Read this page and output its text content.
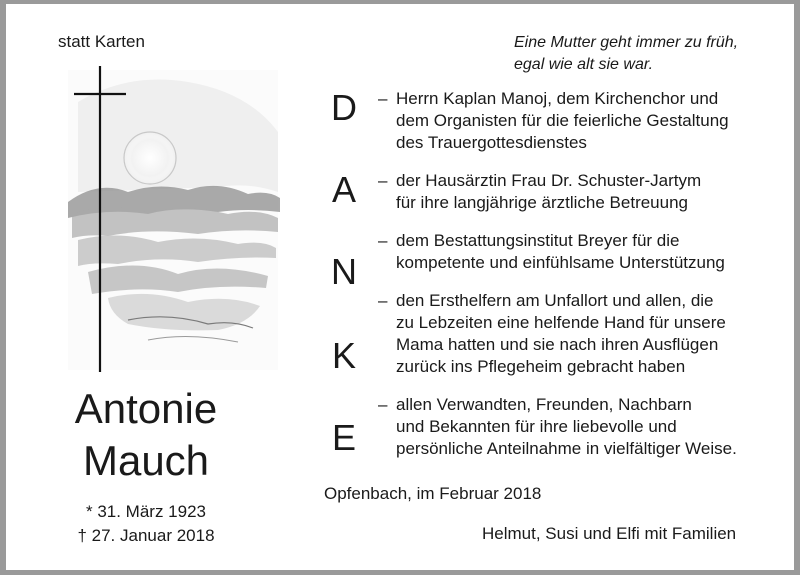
statt Karten	Eine Mutter geht immer zu früh,
egal wie alt sie war.
Antonie
Mauch
* 31. März 1923
† 27. Januar 2018
D
A
N
K
E
– Herrn Kaplan Manoj, dem Kirchenchor und
dem Organisten für die feierliche Gestaltung
des Trauergottesdienstes
– der Hausärztin Frau Dr. Schuster-Jartym
für ihre langjährige ärztliche Betreuung
– dem Bestattungsinstitut Breyer für die
kompetente und einfühlsame Unterstützung
– den Ersthelfern am Unfallort und allen, die
zu Lebzeiten eine helfende Hand für unsere
Mama hatten und sie nach ihren Ausflügen
zurück ins Pflegeheim gebracht haben
– allen Verwandten, Freunden, Nachbarn
und Bekannten für ihre liebevolle und
persönliche Anteilnahme in vielfältiger Weise.
Opfenbach, im Februar 2018
Helmut, Susi und Elfi mit Familien
